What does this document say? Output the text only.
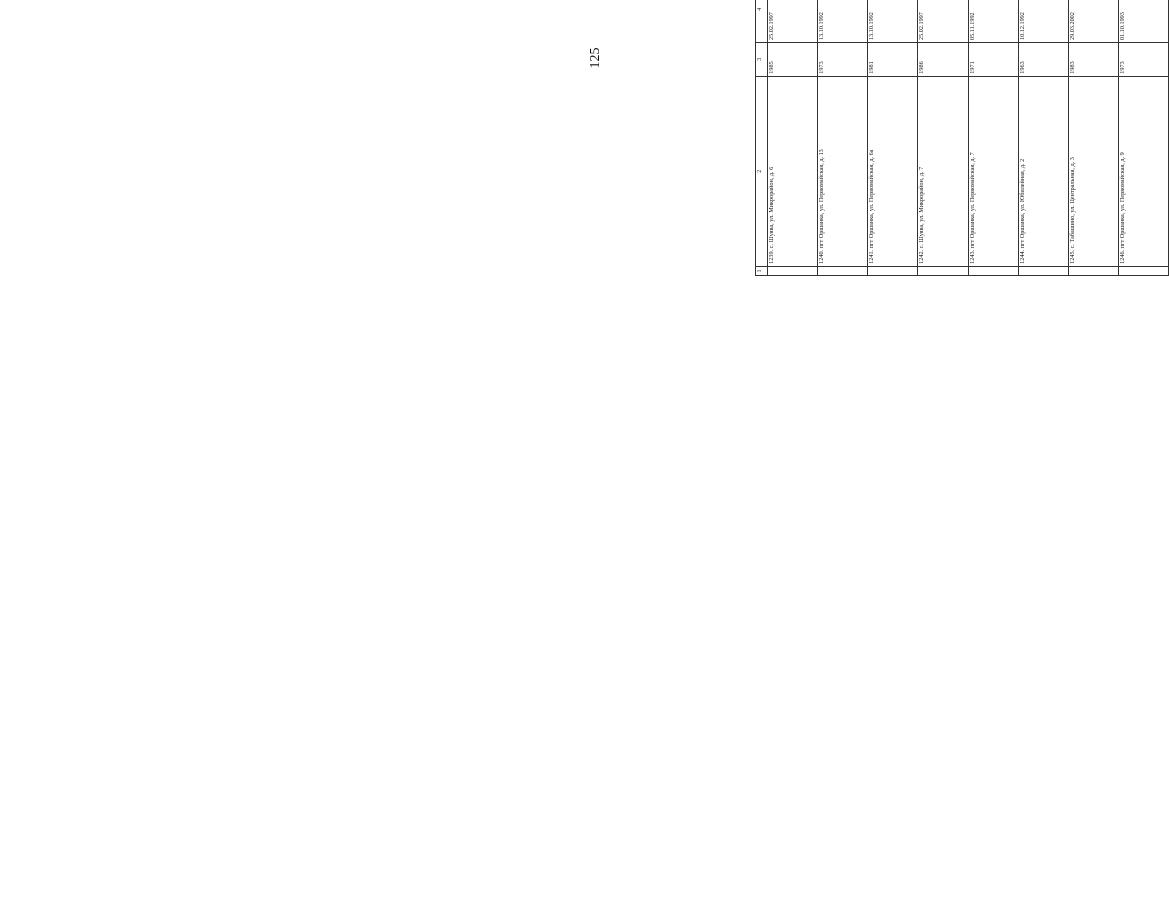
125
1	2	3	4									
	1239. с. Шуява, ул. Микрорайон, д. 6	1985	25.02.1997									
	1240. пгт Оршанка, ул. Первомайская, д. 13	1973	13.10.1992									
	1241. пгт Оршанка, ул. Первомайская, д. 6а	1981	13.10.1992									
	1242. с. Шуява, ул. Микрорайон, д. 7	1986	25.02.1997									
	1243. пгт Оршанка, ул. Первомайская, д. 7	1971	05.11.1992									
	1244. пгт Оршанка, ул. Юбилейная, д. 2	1963	10.12.1992									
	1245. с. Табашино, ул. Центральная, д. 3	1983	29.03.2002									
	1246. пгт Оршанка, ул. Первомайская, д. 9	1973	01.10.1993									
